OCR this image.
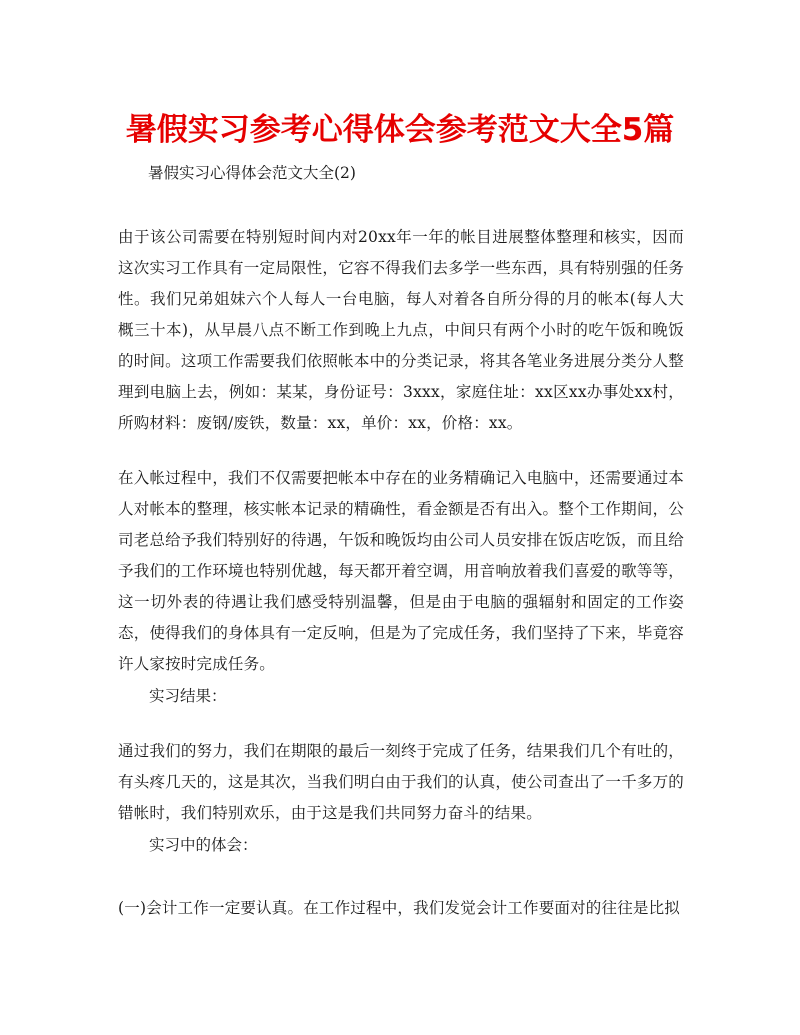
暑假实习参考心得体会参考范文大全5篇
暑假实习心得体会范文大全(2)
由于该公司需要在特别短时间内对20xx年一年的帐目进展整体整理和核实，因而这次实习工作具有一定局限性，它容不得我们去多学一些东西，具有特别强的任务性。我们兄弟姐妹六个人每人一台电脑，每人对着各自所分得的月的帐本(每人大概三十本)，从早晨八点不断工作到晚上九点，中间只有两个小时的吃午饭和晚饭的时间。这项工作需要我们依照帐本中的分类记录，将其各笔业务进展分类分人整理到电脑上去，例如：某某，身份证号：3xxx，家庭住址：xx区xx办事处xx村，所购材料：废钢/废铁，数量：xx，单价：xx，价格：xx。
在入帐过程中，我们不仅需要把帐本中存在的业务精确记入电脑中，还需要通过本人对帐本的整理，核实帐本记录的精确性，看金额是否有出入。整个工作期间，公司老总给予我们特别好的待遇，午饭和晚饭均由公司人员安排在饭店吃饭，而且给予我们的工作环境也特别优越，每天都开着空调，用音响放着我们喜爱的歌等等，这一切外表的待遇让我们感受特别温馨，但是由于电脑的强辐射和固定的工作姿态，使得我们的身体具有一定反响，但是为了完成任务，我们坚持了下来，毕竟容许人家按时完成任务。
实习结果：
通过我们的努力，我们在期限的最后一刻终于完成了任务，结果我们几个有吐的，有头疼几天的，这是其次，当我们明白由于我们的认真，使公司查出了一千多万的错帐时，我们特别欢乐，由于这是我们共同努力奋斗的结果。
实习中的体会：
(一)会计工作一定要认真。在工作过程中，我们发觉会计工作要面对的往往是比拟
